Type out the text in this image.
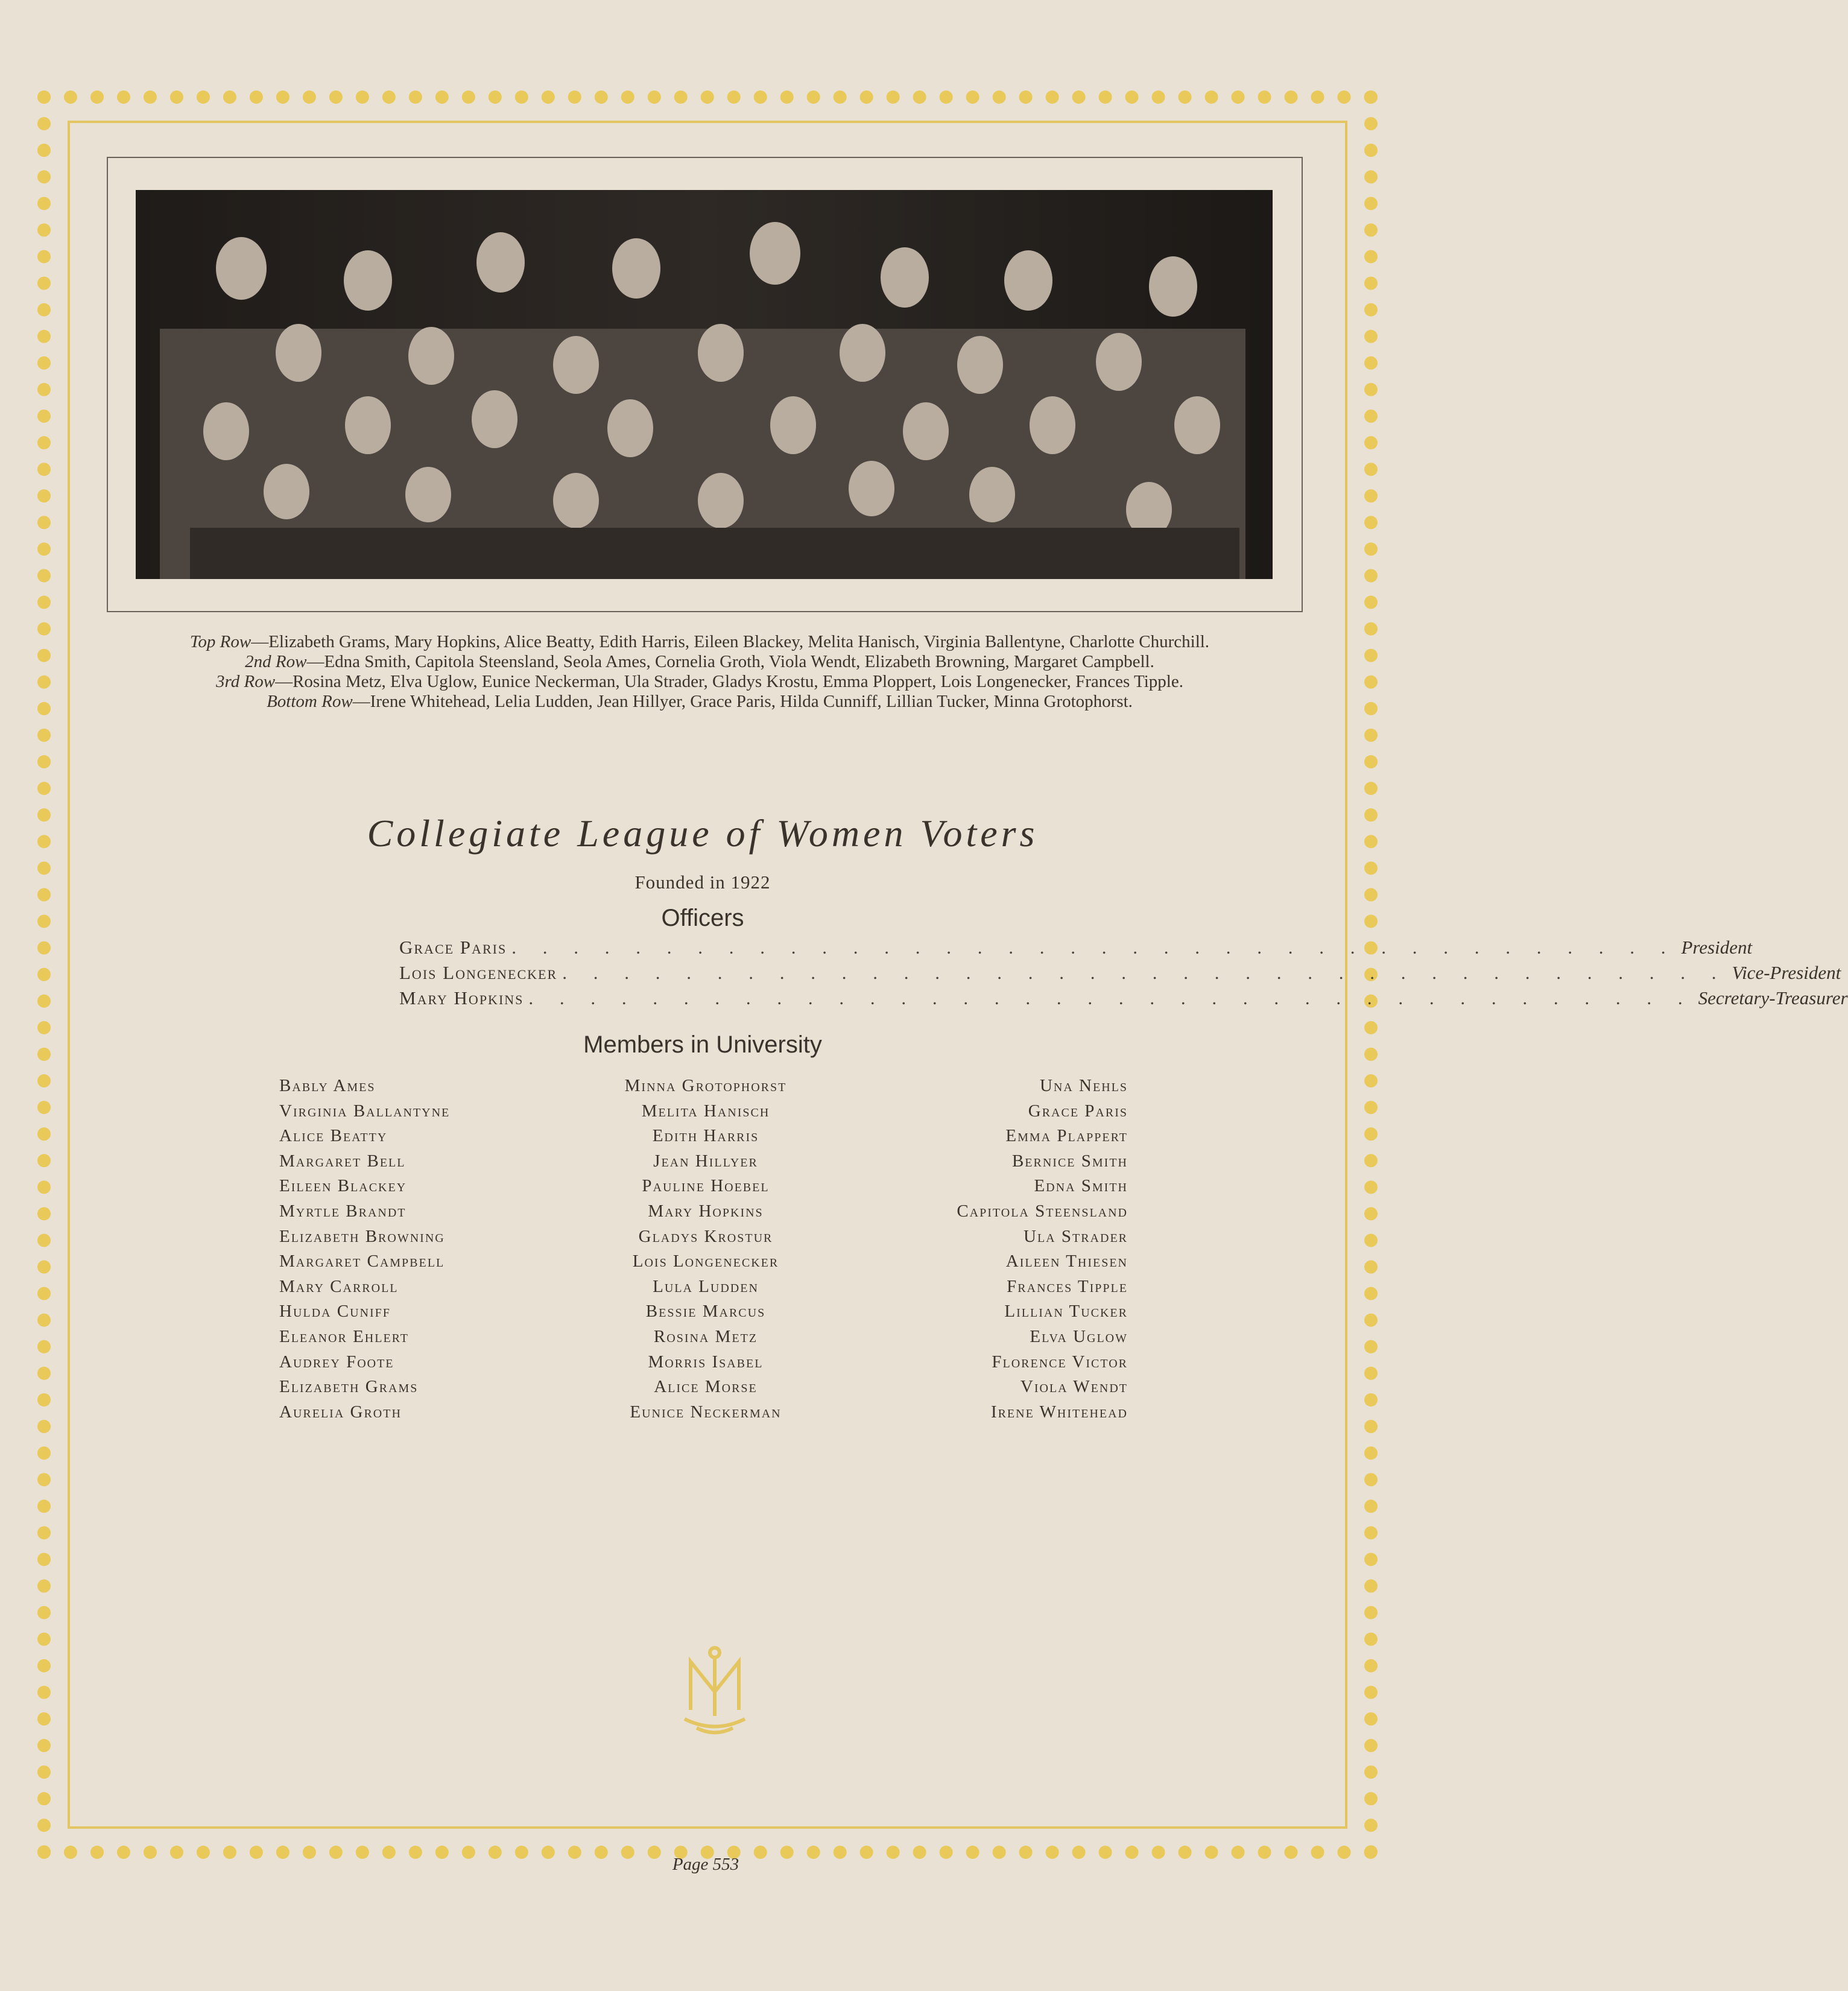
Top Row—Elizabeth Grams, Mary Hopkins, Alice Beatty, Edith Harris, Eileen Blackey, Melita Hanisch, Virginia Ballentyne, Charlotte Churchill.
2nd Row—Edna Smith, Capitola Steensland, Seola Ames, Cornelia Groth, Viola Wendt, Elizabeth Browning, Margaret Campbell.
3rd Row—Rosina Metz, Elva Uglow, Eunice Neckerman, Ula Strader, Gladys Krostu, Emma Ploppert, Lois Longenecker, Frances Tipple.
Bottom Row—Irene Whitehead, Lelia Ludden, Jean Hillyer, Grace Paris, Hilda Cunniff, Lillian Tucker, Minna Grotophorst.
Collegiate League of Women Voters
Founded in 1922
Officers
Grace Paris . . . . . . . . . . . . . . . . . . . . . . . . . . . . . . . . . . . . . . President
Lois Longenecker . . . . . . . . . . . . . . . . . . . . . . . . . . . . . . . . . . . . . . Vice-President
Mary Hopkins . . . . . . . . . . . . . . . . . . . . . . . . . . . . . . . . . . . . . . Secretary-Treasurer
Members in University
Bably Ames
Virginia Ballantyne
Alice Beatty
Margaret Bell
Eileen Blackey
Myrtle Brandt
Elizabeth Browning
Margaret Campbell
Mary Carroll
Hulda Cuniff
Eleanor Ehlert
Audrey Foote
Elizabeth Grams
Aurelia Groth
Minna Grotophorst
Melita Hanisch
Edith Harris
Jean Hillyer
Pauline Hoebel
Mary Hopkins
Gladys Krostur
Lois Longenecker
Lula Ludden
Bessie Marcus
Rosina Metz
Morris Isabel
Alice Morse
Eunice Neckerman
Una Nehls
Grace Paris
Emma Plappert
Bernice Smith
Edna Smith
Capitola Steensland
Ula Strader
Aileen Thiesen
Frances Tipple
Lillian Tucker
Elva Uglow
Florence Victor
Viola Wendt
Irene Whitehead
Page 553
